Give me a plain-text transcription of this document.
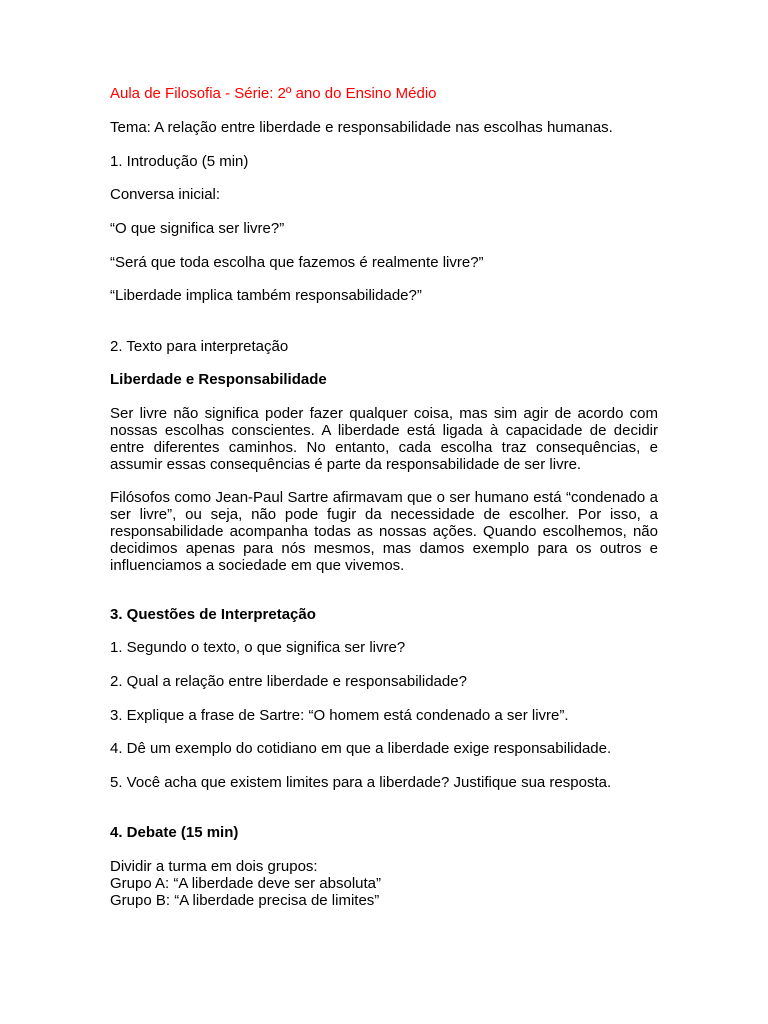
Aula de Filosofia - Série: 2º ano do Ensino Médio

Tema: A relação entre liberdade e responsabilidade nas escolhas humanas.

1. Introdução (5 min)

Conversa inicial:

“O que significa ser livre?”

“Será que toda escolha que fazemos é realmente livre?”

“Liberdade implica também responsabilidade?”

2. Texto para interpretação

Liberdade e Responsabilidade

Ser livre não significa poder fazer qualquer coisa, mas sim agir de acordo com nossas escolhas conscientes. A liberdade está ligada à capacidade de decidir entre diferentes caminhos. No entanto, cada escolha traz consequências, e assumir essas consequências é parte da responsabilidade de ser livre.

Filósofos como Jean-Paul Sartre afirmavam que o ser humano está “condenado a ser livre”, ou seja, não pode fugir da necessidade de escolher. Por isso, a responsabilidade acompanha todas as nossas ações. Quando escolhemos, não decidimos apenas para nós mesmos, mas damos exemplo para os outros e influenciamos a sociedade em que vivemos.

3. Questões de Interpretação

1. Segundo o texto, o que significa ser livre?

2. Qual a relação entre liberdade e responsabilidade?

3. Explique a frase de Sartre: “O homem está condenado a ser livre”.

4. Dê um exemplo do cotidiano em que a liberdade exige responsabilidade.

5. Você acha que existem limites para a liberdade? Justifique sua resposta.

4. Debate (15 min)

Dividir a turma em dois grupos:

Grupo A: “A liberdade deve ser absoluta”

Grupo B: “A liberdade precisa de limites”
